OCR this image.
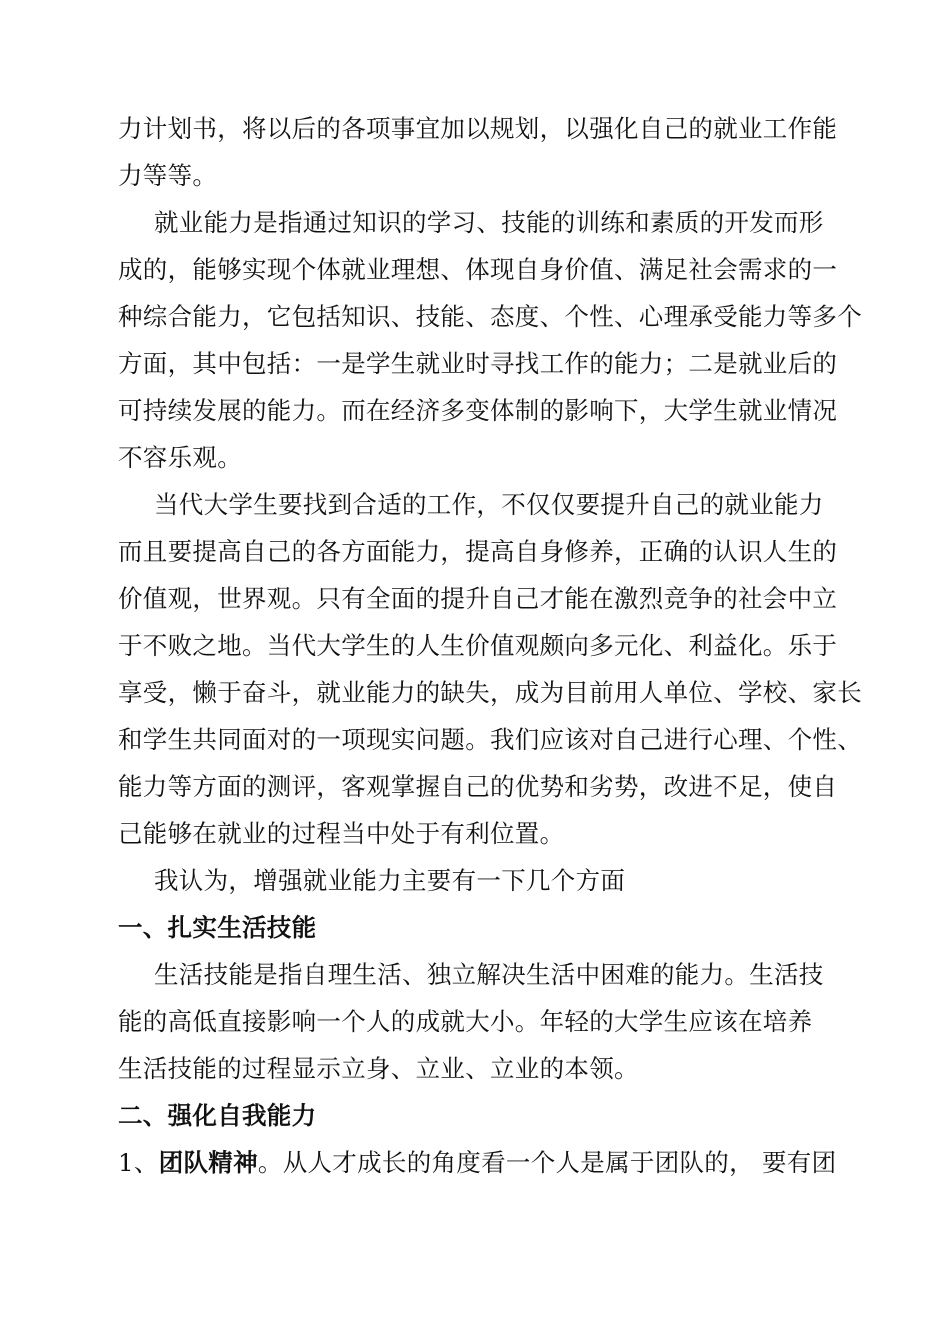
力计划书，将以后的各项事宜加以规划，以强化自己的就业工作能
力等等。
就业能力是指通过知识的学习、技能的训练和素质的开发而形
成的，能够实现个体就业理想、体现自身价值、满足社会需求的一
种综合能力，它包括知识、技能、态度、个性、心理承受能力等多个
方面，其中包括：一是学生就业时寻找工作的能力；二是就业后的
可持续发展的能力。而在经济多变体制的影响下，大学生就业情况
不容乐观。
当代大学生要找到合适的工作，不仅仅要提升自己的就业能力
而且要提高自己的各方面能力，提高自身修养，正确的认识人生的
价值观，世界观。只有全面的提升自己才能在激烈竞争的社会中立
于不败之地。当代大学生的人生价值观颇向多元化、利益化。乐于
享受，懒于奋斗，就业能力的缺失，成为目前用人单位、学校、家长
和学生共同面对的一项现实问题。我们应该对自己进行心理、个性、
能力等方面的测评，客观掌握自己的优势和劣势，改进不足，使自
己能够在就业的过程当中处于有利位置。
我认为，增强就业能力主要有一下几个方面
一、扎实生活技能
生活技能是指自理生活、独立解决生活中困难的能力。生活技
能的高低直接影响一个人的成就大小。年轻的大学生应该在培养
生活技能的过程显示立身、立业、立业的本领。
二、强化自我能力
1、团队精神。从人才成长的角度看一个人是属于团队的， 要有团
